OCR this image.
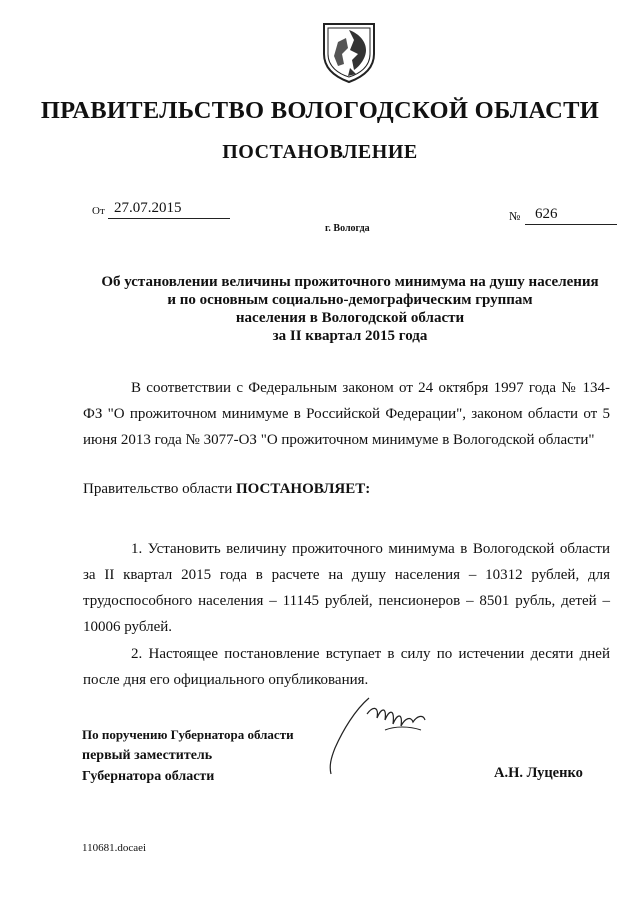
ПРАВИТЕЛЬСТВО ВОЛОГОДСКОЙ ОБЛАСТИ
ПОСТАНОВЛЕНИЕ
От 27.07.2015
г. Вологда
№ 626
Об установлении величины прожиточного минимума на душу населения
и по основным социально-демографическим группам
населения в Вологодской области
за II квартал 2015 года
В соответствии с Федеральным законом от 24 октября 1997 года № 134-ФЗ "О прожиточном минимуме в Российской Федерации", законом области от 5 июня 2013 года № 3077-ОЗ "О прожиточном минимуме в Вологодской области"
Правительство области ПОСТАНОВЛЯЕТ:
1. Установить величину прожиточного минимума в Вологодской области за II квартал 2015 года в расчете на душу населения – 10312 рублей, для трудоспособного населения – 11145 рублей, пенсионеров – 8501 рубль, детей – 10006 рублей.
2. Настоящее постановление вступает в силу по истечении десяти дней после дня его официального опубликования.
По поручению Губернатора области
первый заместитель
Губернатора области	А.Н. Луценко
110681.docaei
